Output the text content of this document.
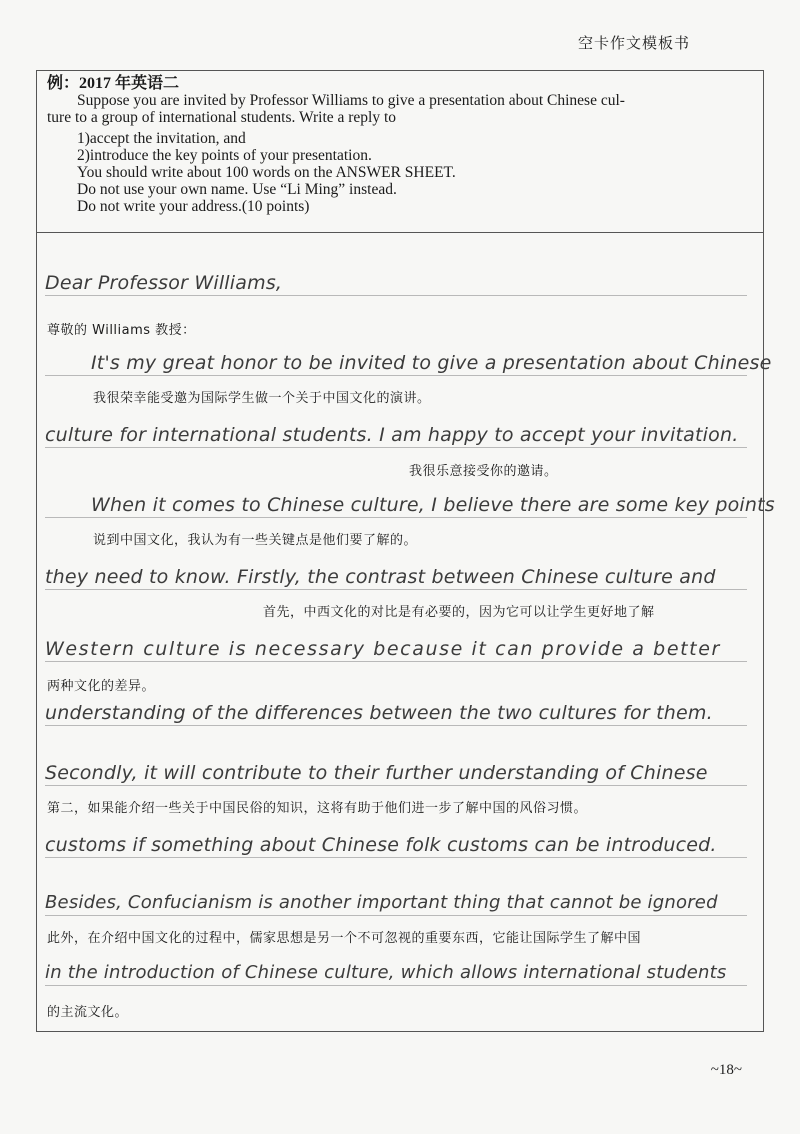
空卡作文模板书
例：2017 年英语二

Suppose you are invited by Professor Williams to give a presentation about Chinese cul-

ture to a group of international students. Write a reply to

1)accept the invitation, and

2)introduce the key points of your presentation.

You should write about 100 words on the ANSWER SHEET.

Do not use your own name. Use “Li Ming” instead.

Do not write your address.(10 points)

Dear Professor Williams,
尊敬的 Williams 教授：
It's my great honor to be invited to give a presentation about Chinese
我很荣幸能受邀为国际学生做一个关于中国文化的演讲。
culture for international students. I am happy to accept your invitation.
我很乐意接受你的邀请。
When it comes to Chinese culture, I believe there are some key points
说到中国文化，我认为有一些关键点是他们要了解的。
they need to know. Firstly, the contrast between Chinese culture and
首先，中西文化的对比是有必要的，因为它可以让学生更好地了解
Western culture is necessary because it can provide a better
两种文化的差异。
understanding of the differences between the two cultures for them.
Secondly, it will contribute to their further understanding of Chinese
第二，如果能介绍一些关于中国民俗的知识，这将有助于他们进一步了解中国的风俗习惯。
customs if something about Chinese folk customs can be introduced.
Besides, Confucianism is another important thing that cannot be ignored
此外，在介绍中国文化的过程中，儒家思想是另一个不可忽视的重要东西，它能让国际学生了解中国
in the introduction of Chinese culture, which allows international students
的主流文化。
~18~
